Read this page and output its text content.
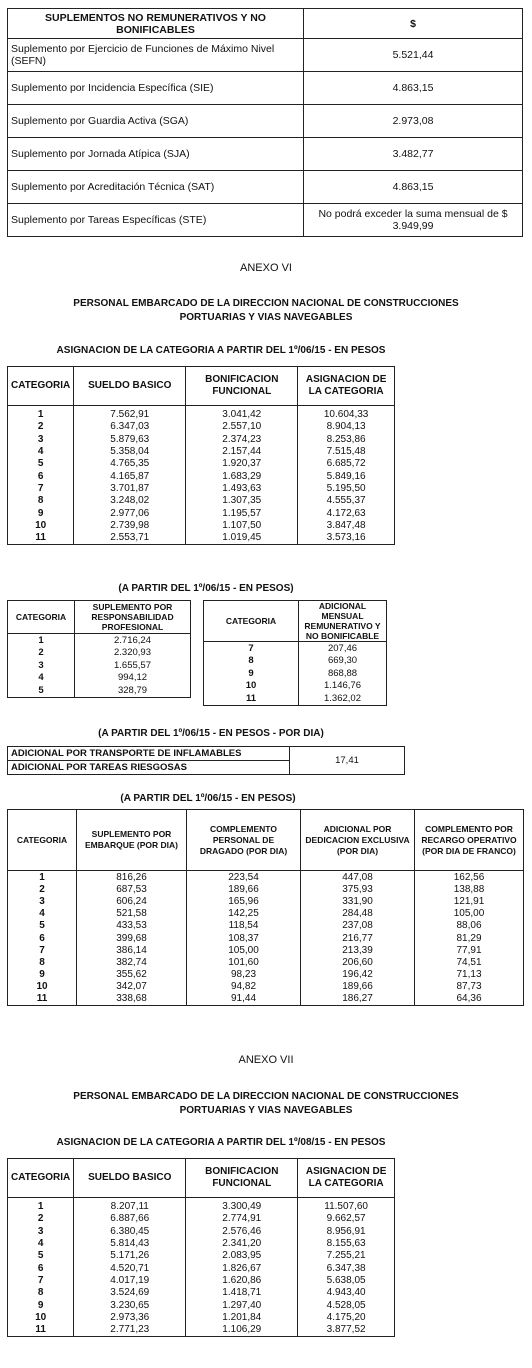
SUPLEMENTOS NO REMUNERATIVOS Y NO BONIFICABLES	$
Suplemento por Ejercicio de Funciones de Máximo Nivel (SEFN)	5.521,44
Suplemento por Incidencia Específica (SIE)	4.863,15
Suplemento por Guardia Activa (SGA)	2.973,08
Suplemento por Jornada Atípica (SJA)	3.482,77
Suplemento por Acreditación Técnica (SAT)	4.863,15
Suplemento por Tareas Específicas (STE)	No podrá exceder la suma mensual de $ 3.949,99
ANEXO VI
PERSONAL EMBARCADO DE LA DIRECCION NACIONAL DE CONSTRUCCIONES
PORTUARIAS Y VIAS NAVEGABLES
ASIGNACION DE LA CATEGORIA A PARTIR DEL 1º/06/15 - EN PESOS
CATEGORIA	SUELDO BASICO	BONIFICACION FUNCIONAL	ASIGNACION DE LA CATEGORIA
1	7.562,91	3.041,42	10.604,33
2	6.347,03	2.557,10	8.904,13
3	5.879,63	2.374,23	8.253,86
4	5.358,04	2.157,44	7.515,48
5	4.765,35	1.920,37	6.685,72
6	4.165,87	1.683,29	5.849,16
7	3.701,87	1.493,63	5.195,50
8	3.248,02	1.307,35	4.555,37
9	2.977,06	1.195,57	4.172,63
10	2.739,98	1.107,50	3.847,48
11	2.553,71	1.019,45	3.573,16
(A PARTIR DEL 1º/06/15 - EN PESOS)
CATEGORIA	SUPLEMENTO POR RESPONSABILIDAD PROFESIONAL
1	2.716,24
2	2.320,93
3	1.655,57
4	994,12
5	328,79
CATEGORIA	ADICIONAL MENSUAL REMUNERATIVO Y NO BONIFICABLE
7	207,46
8	669,30
9	868,88
10	1.146,76
11	1.362,02
(A PARTIR DEL 1º/06/15 - EN PESOS - POR DIA)
ADICIONAL POR TRANSPORTE DE INFLAMABLES	17,41
ADICIONAL POR TAREAS RIESGOSAS
(A PARTIR DEL 1º/06/15 - EN PESOS)
CATEGORIA	SUPLEMENTO POR EMBARQUE (POR DIA)	COMPLEMENTO PERSONAL DE DRAGADO (POR DIA)	ADICIONAL POR DEDICACION EXCLUSIVA (POR DIA)	COMPLEMENTO POR RECARGO OPERATIVO (POR DIA DE FRANCO)
1	816,26	223,54	447,08	162,56
2	687,53	189,66	375,93	138,88
3	606,24	165,96	331,90	121,91
4	521,58	142,25	284,48	105,00
5	433,53	118,54	237,08	88,06
6	399,68	108,37	216,77	81,29
7	386,14	105,00	213,39	77,91
8	382,74	101,60	206,60	74,51
9	355,62	98,23	196,42	71,13
10	342,07	94,82	189,66	87,73
11	338,68	91,44	186,27	64,36
ANEXO VII
PERSONAL EMBARCADO DE LA DIRECCION NACIONAL DE CONSTRUCCIONES
PORTUARIAS Y VIAS NAVEGABLES
ASIGNACION DE LA CATEGORIA A PARTIR DEL 1º/08/15 - EN PESOS
CATEGORIA	SUELDO BASICO	BONIFICACION FUNCIONAL	ASIGNACION DE LA CATEGORIA
1	8.207,11	3.300,49	11.507,60
2	6.887,66	2.774,91	9.662,57
3	6.380,45	2.576,46	8.956,91
4	5.814,43	2.341,20	8.155,63
5	5.171,26	2.083,95	7.255,21
6	4.520,71	1.826,67	6.347,38
7	4.017,19	1.620,86	5.638,05
8	3.524,69	1.418,71	4.943,40
9	3.230,65	1.297,40	4.528,05
10	2.973,36	1.201,84	4.175,20
11	2.771,23	1.106,29	3.877,52
